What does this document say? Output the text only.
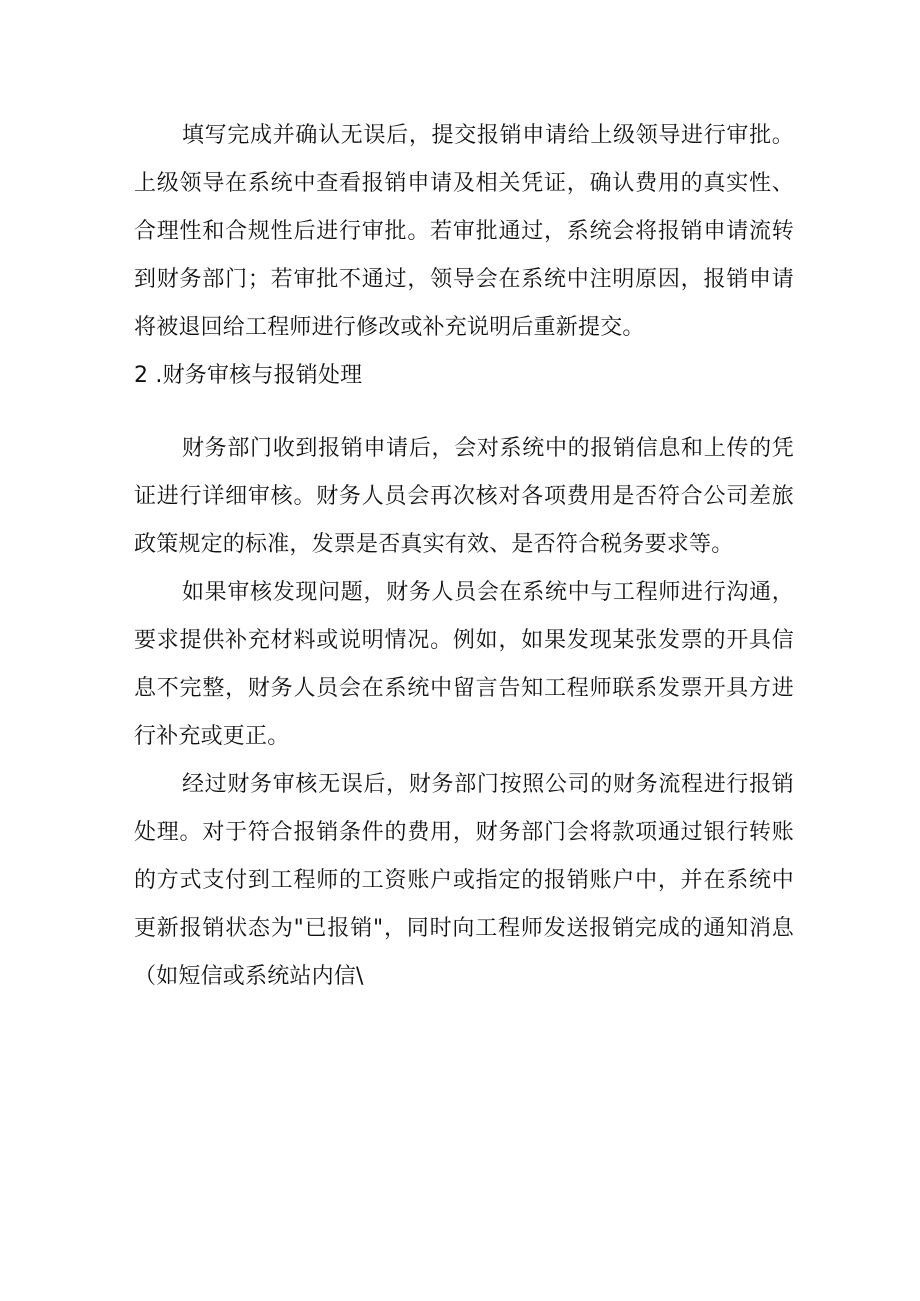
填写完成并确认无误后，提交报销申请给上级领导进行审批。上级领导在系统中查看报销申请及相关凭证，确认费用的真实性、合理性和合规性后进行审批。若审批通过，系统会将报销申请流转到财务部门；若审批不通过，领导会在系统中注明原因，报销申请将被退回给工程师进行修改或补充说明后重新提交。

2 .财务审核与报销处理

财务部门收到报销申请后，会对系统中的报销信息和上传的凭证进行详细审核。财务人员会再次核对各项费用是否符合公司差旅政策规定的标准，发票是否真实有效、是否符合税务要求等。

如果审核发现问题，财务人员会在系统中与工程师进行沟通，要求提供补充材料或说明情况。例如，如果发现某张发票的开具信息不完整，财务人员会在系统中留言告知工程师联系发票开具方进行补充或更正。

经过财务审核无误后，财务部门按照公司的财务流程进行报销处理。对于符合报销条件的费用，财务部门会将款项通过银行转账的方式支付到工程师的工资账户或指定的报销账户中，并在系统中更新报销状态为"已报销"，同时向工程师发送报销完成的通知消息（如短信或系统站内信\
